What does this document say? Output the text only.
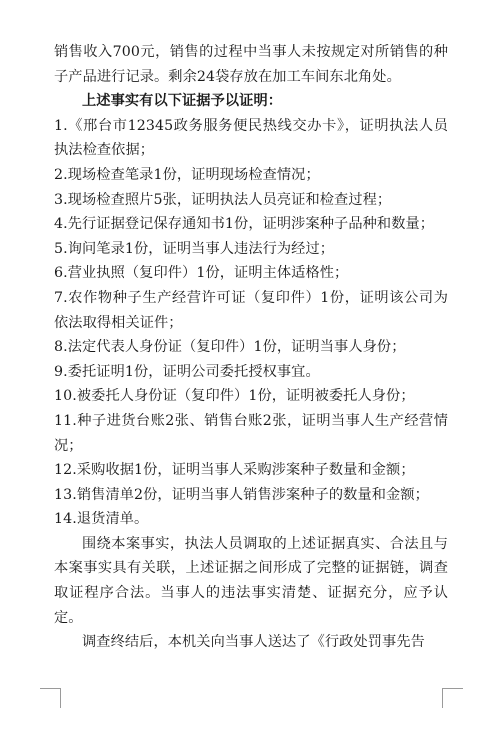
销售收入700元，销售的过程中当事人未按规定对所销售的种子产品进行记录。剩余24袋存放在加工车间东北角处。

上述事实有以下证据予以证明：

1.《邢台市12345政务服务便民热线交办卡》，证明执法人员执法检查依据；

2.现场检查笔录1份，证明现场检查情况；

3.现场检查照片5张，证明执法人员亮证和检查过程；

4.先行证据登记保存通知书1份，证明涉案种子品种和数量；

5.询问笔录1份，证明当事人违法行为经过；

6.营业执照（复印件）1份，证明主体适格性；

7.农作物种子生产经营许可证（复印件）1份，证明该公司为依法取得相关证件；

8.法定代表人身份证（复印件）1份，证明当事人身份；

9.委托证明1份，证明公司委托授权事宜。

10.被委托人身份证（复印件）1份，证明被委托人身份；

11.种子进货台账2张、销售台账2张，证明当事人生产经营情况；

12.采购收据1份，证明当事人采购涉案种子数量和金额；

13.销售清单2份，证明当事人销售涉案种子的数量和金额；

14.退货清单。

围绕本案事实，执法人员调取的上述证据真实、合法且与本案事实具有关联，上述证据之间形成了完整的证据链，调查取证程序合法。当事人的违法事实清楚、证据充分，应予认定。

调查终结后，本机关向当事人送达了《行政处罚事先告
